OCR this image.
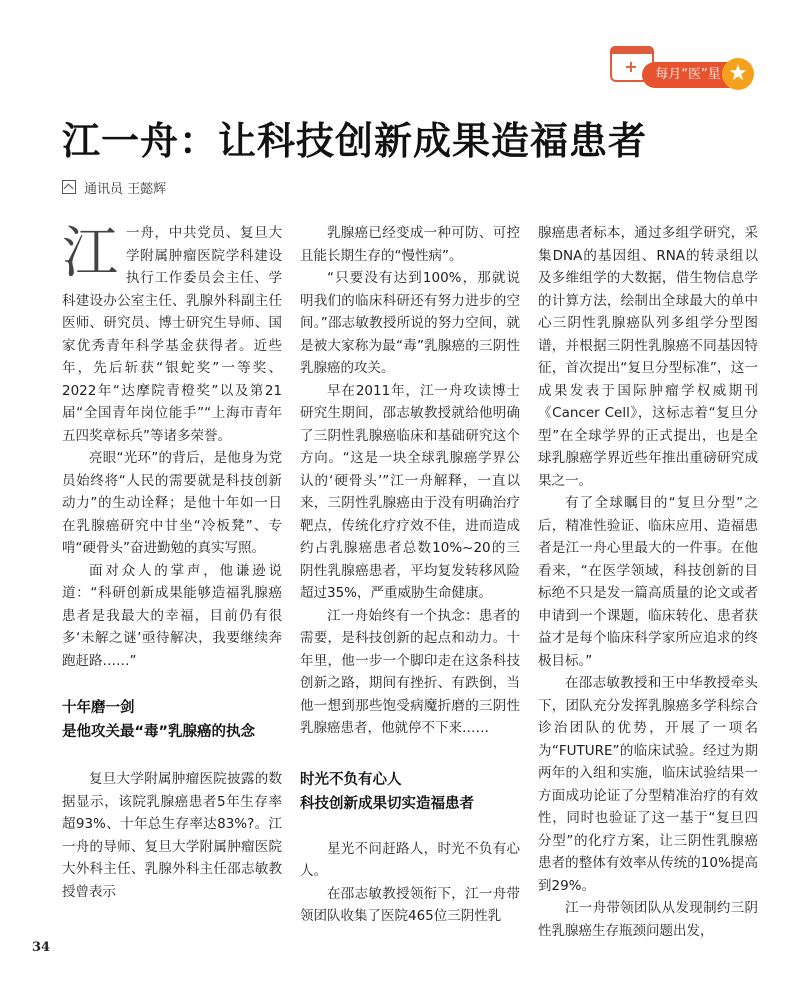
+	每月“医”星 ★
江一舟：让科技创新成果造福患者
通讯员 王懿辉

江一舟，中共党员、复旦大学附属肿瘤医院学科建设执行工作委员会主任、学科建设办公室主任、乳腺外科副主任医师、研究员、博士研究生导师、国家优秀青年科学基金获得者。近些年，先后斩获“银蛇奖”一等奖、2022年“达摩院青橙奖”以及第21届“全国青年岗位能手”“上海市青年五四奖章标兵”等诸多荣誉。

亮眼“光环”的背后，是他身为党员始终将“人民的需要就是科技创新动力”的生动诠释；是他十年如一日在乳腺癌研究中甘坐“冷板凳”、专啃“硬骨头”奋进勤勉的真实写照。

面对众人的掌声，他谦逊说道：“科研创新成果能够造福乳腺癌患者是我最大的幸福，目前仍有很多‘未解之谜’亟待解决，我要继续奔跑赶路……”

十年磨一剑
是他攻关最“毒”乳腺癌的执念

复旦大学附属肿瘤医院披露的数据显示，该院乳腺癌患者5年生存率超93%、十年总生存率达83%?。江一舟的导师、复旦大学附属肿瘤医院大外科主任、乳腺外科主任邵志敏教授曾表示

乳腺癌已经变成一种可防、可控且能长期生存的“慢性病”。

“只要没有达到100%，那就说明我们的临床科研还有努力进步的空间。”邵志敏教授所说的努力空间，就是被大家称为最“毒”乳腺癌的三阴性乳腺癌的攻关。

早在2011年，江一舟攻读博士研究生期间，邵志敏教授就给他明确了三阴性乳腺癌临床和基础研究这个方向。“这是一块全球乳腺癌学界公认的‘硬骨头’”江一舟解释，一直以来，三阴性乳腺癌由于没有明确治疗靶点，传统化疗疗效不佳，进而造成约占乳腺癌患者总数10%~20的三阴性乳腺癌患者，平均复发转移风险超过35%，严重威胁生命健康。

江一舟始终有一个执念：患者的需要，是科技创新的起点和动力。十年里，他一步一个脚印走在这条科技创新之路，期间有挫折、有跌倒，当他一想到那些饱受病魔折磨的三阴性乳腺癌患者，他就停不下来……

时光不负有心人
科技创新成果切实造福患者

星光不问赶路人，时光不负有心人。

在邵志敏教授领衔下，江一舟带领团队收集了医院465位三阴性乳

腺癌患者标本，通过多组学研究，采集DNA的基因组、RNA的转录组以及多维组学的大数据，借生物信息学的计算方法，绘制出全球最大的单中心三阴性乳腺癌队列多组学分型图谱，并根据三阴性乳腺癌不同基因特征，首次提出“复旦分型标准”，这一成果发表于国际肿瘤学权威期刊《Cancer Cell》，这标志着“复旦分型”在全球学界的正式提出，也是全球乳腺癌学界近些年推出重磅研究成果之一。

有了全球瞩目的“复旦分型”之后，精准性验证、临床应用、造福患者是江一舟心里最大的一件事。在他看来，“在医学领域，科技创新的目标绝不只是发一篇高质量的论文或者申请到一个课题，临床转化、患者获益才是每个临床科学家所应追求的终极目标。”

在邵志敏教授和王中华教授牵头下，团队充分发挥乳腺癌多学科综合诊治团队的优势，开展了一项名为“FUTURE”的临床试验。经过为期两年的入组和实施，临床试验结果一方面成功论证了分型精准治疗的有效性，同时也验证了这一基于“复旦四分型”的化疗方案，让三阴性乳腺癌患者的整体有效率从传统的10%提高到29%。

江一舟带领团队从发现制约三阴性乳腺癌生存瓶颈问题出发，

34
